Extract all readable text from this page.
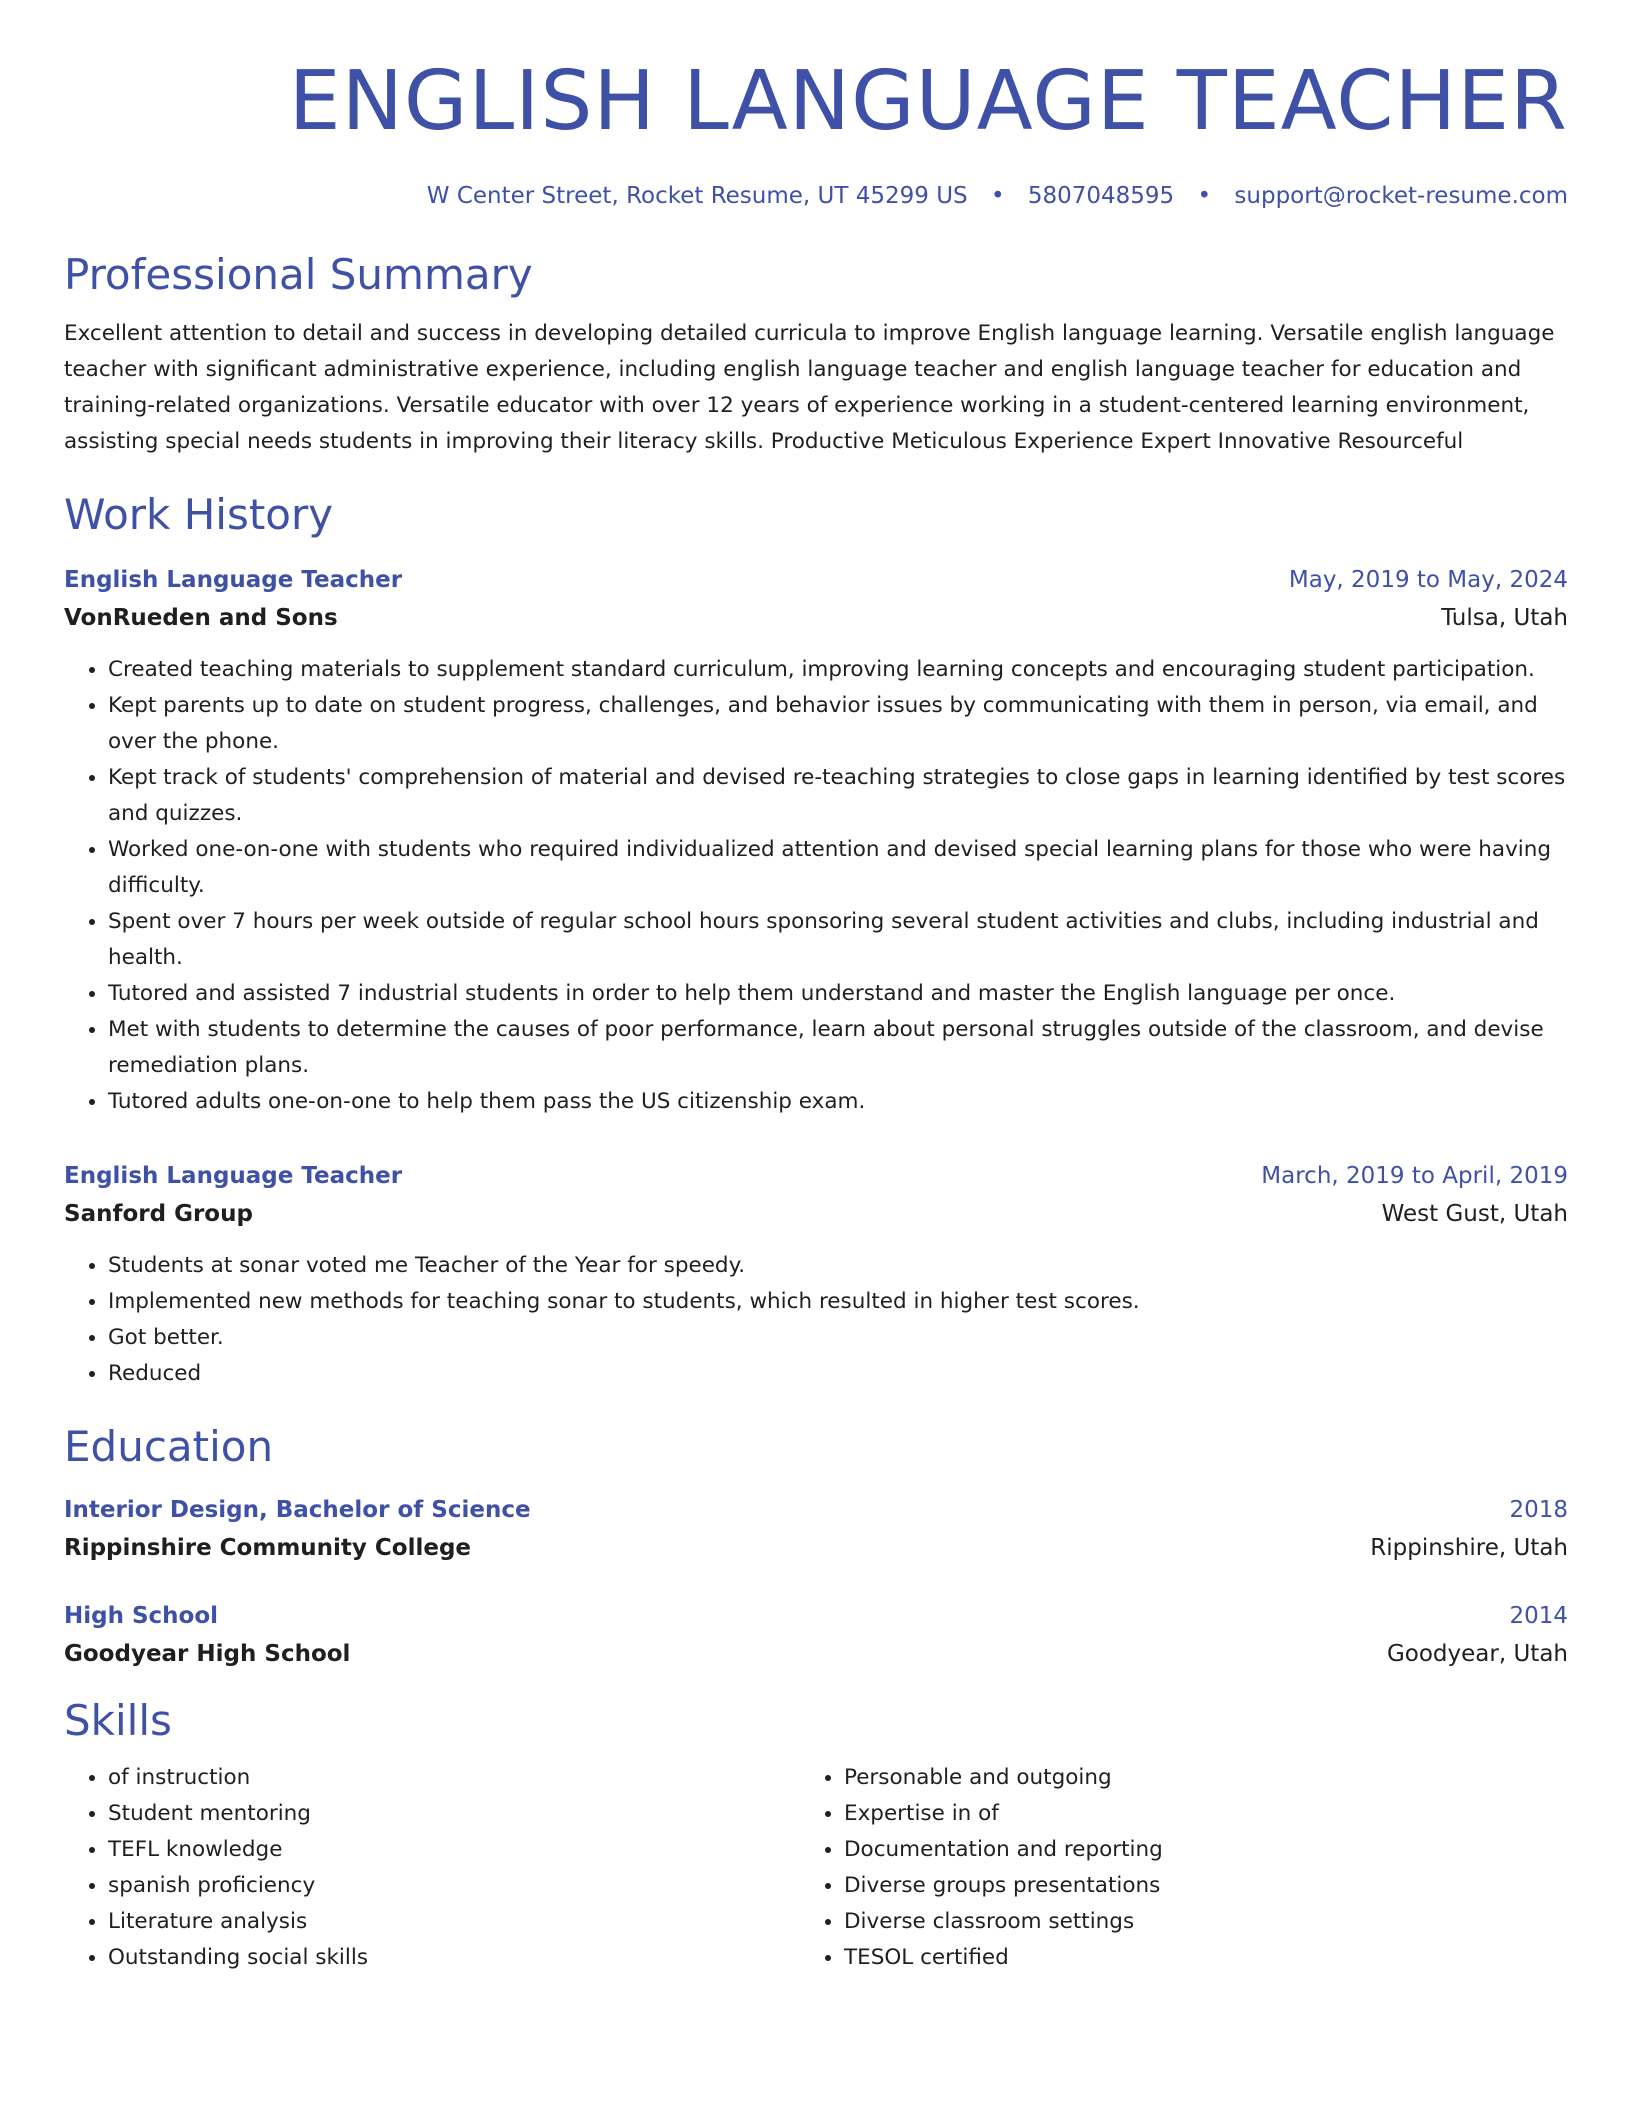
ENGLISH LANGUAGE TEACHER
W Center Street, Rocket Resume, UT 45299 US • 5807048595 • support@rocket-resume.com
Professional Summary
Excellent attention to detail and success in developing detailed curricula to improve English language learning. Versatile english language teacher with significant administrative experience, including english language teacher and english language teacher for education and training-related organizations. Versatile educator with over 12 years of experience working in a student-centered learning environment, assisting special needs students in improving their literacy skills. Productive Meticulous Experience Expert Innovative Resourceful
Work History
English Language Teacher	May, 2019 to May, 2024
VonRueden and Sons	Tulsa, Utah
• Created teaching materials to supplement standard curriculum, improving learning concepts and encouraging student participation.
• Kept parents up to date on student progress, challenges, and behavior issues by communicating with them in person, via email, and over the phone.
• Kept track of students' comprehension of material and devised re-teaching strategies to close gaps in learning identified by test scores and quizzes.
• Worked one-on-one with students who required individualized attention and devised special learning plans for those who were having difficulty.
• Spent over 7 hours per week outside of regular school hours sponsoring several student activities and clubs, including industrial and health.
• Tutored and assisted 7 industrial students in order to help them understand and master the English language per once.
• Met with students to determine the causes of poor performance, learn about personal struggles outside of the classroom, and devise remediation plans.
• Tutored adults one-on-one to help them pass the US citizenship exam.
English Language Teacher	March, 2019 to April, 2019
Sanford Group	West Gust, Utah
• Students at sonar voted me Teacher of the Year for speedy.
• Implemented new methods for teaching sonar to students, which resulted in higher test scores.
• Got better.
• Reduced
Education
Interior Design, Bachelor of Science	2018
Rippinshire Community College	Rippinshire, Utah
High School	2014
Goodyear High School	Goodyear, Utah
Skills
• of instruction
• Student mentoring
• TEFL knowledge
• spanish proficiency
• Literature analysis
• Outstanding social skills
• Personable and outgoing
• Expertise in of
• Documentation and reporting
• Diverse groups presentations
• Diverse classroom settings
• TESOL certified
